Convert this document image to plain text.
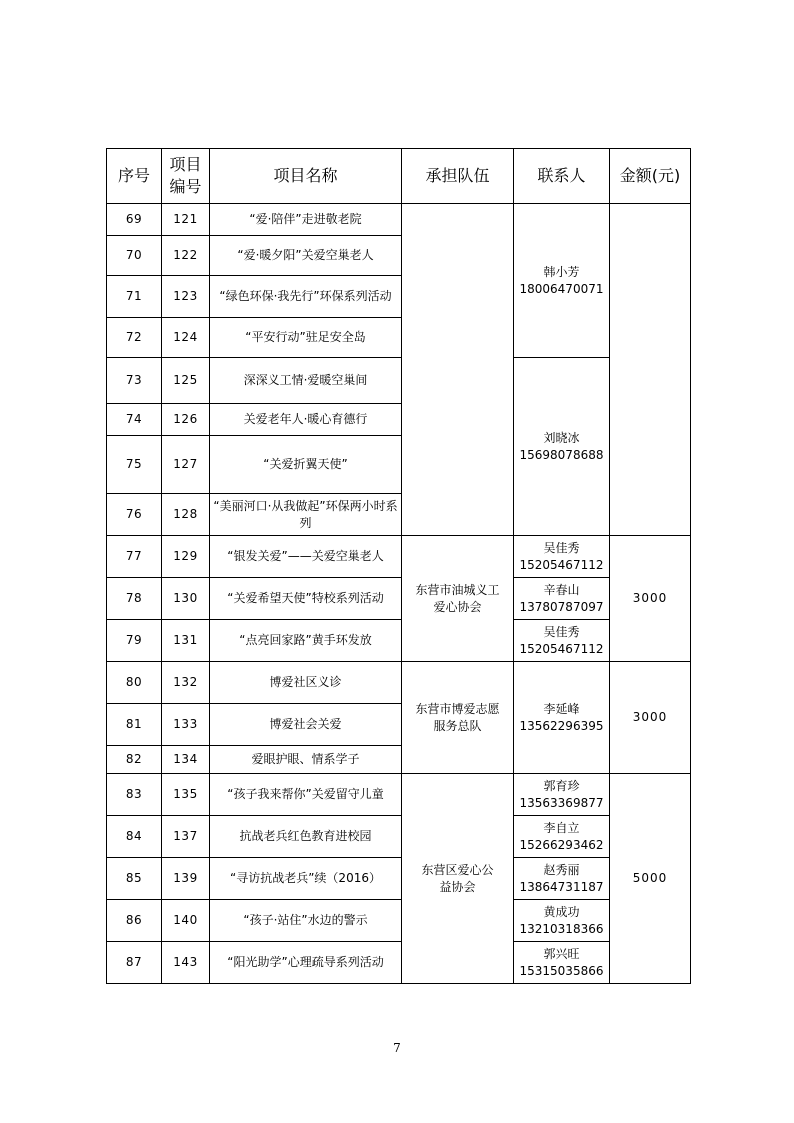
序号	项目编号	项目名称	承担队伍	联系人	金额(元)
69	121	“爱·陪伴”走进敬老院		韩小芳
18006470071	

70	122	“爱·暖夕阳”关爱空巢老人			
71	123	“绿色环保·我先行”环保系列活动			
72	124	“平安行动”驻足安全岛			
73	125	深深义工情·爱暖空巢间		刘晓冰
15698078688	

74	126	关爱老年人·暖心育德行			
75	127	“关爱折翼天使”			
76	128	“美丽河口·从我做起”环保两小时系列			
77	129	“银发关爱”——关爱空巢老人	东营市油城义工爱心协会	吴佳秀
15205467112	3000
78	130	“关爱希望天使”特校系列活动		辛春山
13780787097	

79	131	“点亮回家路”黄手环发放		吴佳秀
15205467112	

80	132	博爱社区义诊	东营市博爱志愿服务总队	李延峰
13562296395	3000
81	133	博爱社会关爱			
82	134	爱眼护眼、情系学子			
83	135	“孩子我来帮你”关爱留守儿童	东营区爱心公益协会	郭育珍
13563369877	5000
84	137	抗战老兵红色教育进校园		李自立
15266293462	

85	139	“寻访抗战老兵”续（2016）		赵秀丽
13864731187	

86	140	“孩子·站住”水边的警示		黄成功
13210318366	

87	143	“阳光助学”心理疏导系列活动		郭兴旺
15315035866	
7
